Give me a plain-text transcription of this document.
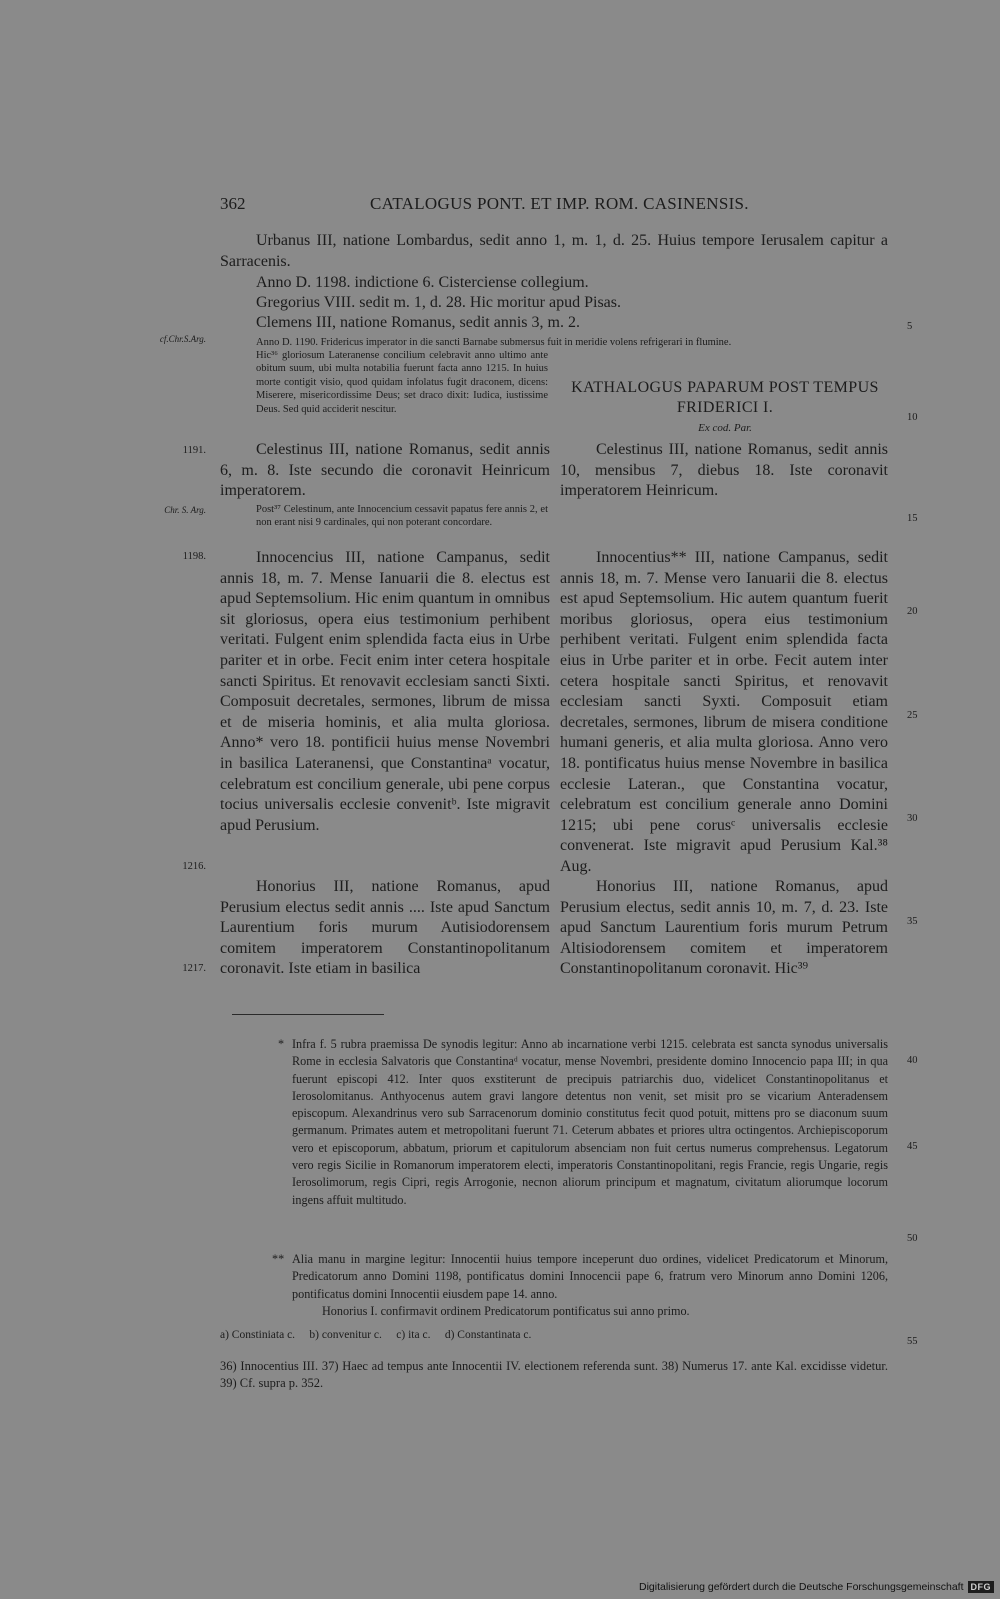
362	CATALOGUS PONT. ET IMP. ROM. CASINENSIS.
Urbanus III, natione Lombardus, sedit anno 1, m. 1, d. 25. Huius tempore Ierusalem capitur a Sarracenis.
Anno D. 1198. indictione 6. Cisterciense collegium.
Gregorius VIII. sedit m. 1, d. 28. Hic moritur apud Pisas.
Clemens III, natione Romanus, sedit annis 3, m. 2.
Anno D. 1190. Fridericus imperator in die sancti Barnabe submersus fuit in meridie volens refrigerari in flumine.
Hic³⁶ gloriosum Lateranense concilium celebravit anno ultimo ante obitum suum, ubi multa notabilia fuerunt facta anno 1215. In huius morte contigit visio, quod quidam infolatus fugit draconem, dicens: Miserere, misericordissime Deus; set draco dixit: Iudica, iustissime Deus. Sed quid acciderit nescitur.
KATHALOGUS PAPARUM POST TEMPUS
FRIDERICI I.
Ex cod. Par.
Celestinus III, natione Romanus, sedit annis 6, m. 8. Iste secundo die coronavit Heinricum imperatorem.
Celestinus III, natione Romanus, sedit annis 10, mensibus 7, diebus 18. Iste coronavit imperatorem Heinricum.
Post³⁷ Celestinum, ante Innocencium cessavit papatus fere annis 2, et non erant nisi 9 cardinales, qui non poterant concordare.
Innocencius III, natione Campanus, sedit annis 18, m. 7. Mense Ianuarii die 8. electus est apud Septemsolium. Hic enim quantum in omnibus sit gloriosus, opera eius testimonium perhibent veritati. Fulgent enim splendida facta eius in Urbe pariter et in orbe. Fecit enim inter cetera hospitale sancti Spiritus. Et renovavit ecclesiam sancti Sixti. Composuit decretales, sermones, librum de missa et de miseria hominis, et alia multa gloriosa. Anno* vero 18. pontificii huius mense Novembri in basilica Lateranensi, que Constantinaᵃ vocatur, celebratum est concilium generale, ubi pene corpus tocius universalis ecclesie convenitᵇ. Iste migravit apud Perusium.
Innocentius** III, natione Campanus, sedit annis 18, m. 7. Mense vero Ianuarii die 8. electus est apud Septemsolium. Hic autem quantum fuerit moribus gloriosus, opera eius testimonium perhibent veritati. Fulgent enim splendida facta eius in Urbe pariter et in orbe. Fecit autem inter cetera hospitale sancti Spiritus, et renovavit ecclesiam sancti Syxti. Composuit etiam decretales, sermones, librum de misera conditione humani generis, et alia multa gloriosa. Anno vero 18. pontificatus huius mense Novembre in basilica ecclesie Lateran., que Constantina vocatur, celebratum est concilium generale anno Domini 1215; ubi pene corusᶜ universalis ecclesie convenerat. Iste migravit apud Perusium Kal.³⁸ Aug.
Honorius III, natione Romanus, apud Perusium electus sedit annis .... Iste apud Sanctum Laurentium foris murum Autisiodorensem comitem imperatorem Constantinopolitanum coronavit. Iste etiam in basilica
Honorius III, natione Romanus, apud Perusium electus, sedit annis 10, m. 7, d. 23. Iste apud Sanctum Laurentium foris murum Petrum Altisiodorensem comitem et imperatorem Constantinopolitanum coronavit. Hic³⁹
cf.Chr.S.Arg.
1191.
Chr. S. Arg.
1198.
1216.
1217.
5
10
15
20
25
30
35
40
45
50
55
* Infra f. 5 rubra praemissa De synodis legitur: Anno ab incarnatione verbi 1215. celebrata est sancta synodus universalis Rome in ecclesia Salvatoris que Constantinaᵈ vocatur, mense Novembri, presidente domino Innocencio papa III; in qua fuerunt episcopi 412. Inter quos exstiterunt de precipuis patriarchis duo, videlicet Constantinopolitanus et Ierosolomitanus. Anthyocenus autem gravi langore detentus non venit, set misit pro se vicarium Anteradensem episcopum. Alexandrinus vero sub Sarracenorum dominio constitutus fecit quod potuit, mittens pro se diaconum suum germanum. Primates autem et metropolitani fuerunt 71. Ceterum abbates et priores ultra octingentos. Archiepiscoporum vero et episcoporum, abbatum, priorum et capitulorum absenciam non fuit certus numerus comprehensus. Legatorum vero regis Sicilie in Romanorum imperatorem electi, imperatoris Constantinopolitani, regis Francie, regis Ungarie, regis Ierosolimorum, regis Cipri, regis Arrogonie, necnon aliorum principum et magnatum, civitatum aliorumque locorum ingens affuit multitudo.
** Alia manu in margine legitur: Innocentii huius tempore inceperunt duo ordines, videlicet Predicatorum et Minorum, Predicatorum anno Domini 1198, pontificatus domini Innocencii pape 6, fratrum vero Minorum anno Domini 1206, pontificatus domini Innocentii eiusdem pape 14. anno.
Honorius I. confirmavit ordinem Predicatorum pontificatus sui anno primo.
a) Constiniata c.     b) convenitur c.     c) ita c.     d) Constantinata c.
36) Innocentius III. 37) Haec ad tempus ante Innocentii IV. electionem referenda sunt. 38) Numerus 17. ante Kal. excidisse videtur. 39) Cf. supra p. 352.
Digitalisierung gefördert durch die Deutsche Forschungsgemeinschaft DFG
